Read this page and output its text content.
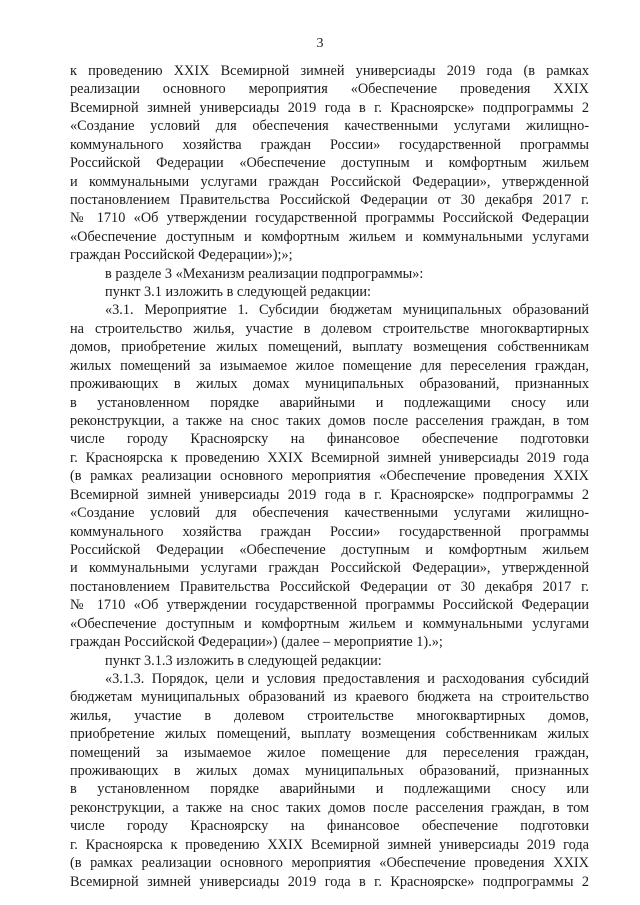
3
к проведению XXIX Всемирной зимней универсиады 2019 года (в рамках
реализации основного мероприятия «Обеспечение проведения XXIX
Всемирной зимней универсиады 2019 года в г. Красноярске» подпрограммы 2
«Создание условий для обеспечения качественными услугами жилищно-
коммунального хозяйства граждан России» государственной программы
Российской Федерации «Обеспечение доступным и комфортным жильем
и коммунальными услугами граждан Российской Федерации», утвержденной
постановлением Правительства Российской Федерации от 30 декабря 2017 г.
№ 1710 «Об утверждении государственной программы Российской Федерации
«Обеспечение доступным и комфортным жильем и коммунальными услугами
граждан Российской Федерации»);»;
в разделе 3 «Механизм реализации подпрограммы»:
пункт 3.1 изложить в следующей редакции:
«3.1. Мероприятие 1. Субсидии бюджетам муниципальных образований
на строительство жилья, участие в долевом строительстве многоквартирных
домов, приобретение жилых помещений, выплату возмещения собственникам
жилых помещений за изымаемое жилое помещение для переселения граждан,
проживающих в жилых домах муниципальных образований, признанных
в установленном порядке аварийными и подлежащими сносу или
реконструкции, а также на снос таких домов после расселения граждан, в том
числе городу Красноярску на финансовое обеспечение подготовки
г. Красноярска к проведению XXIX Всемирной зимней универсиады 2019 года
(в рамках реализации основного мероприятия «Обеспечение проведения XXIX
Всемирной зимней универсиады 2019 года в г. Красноярске» подпрограммы 2
«Создание условий для обеспечения качественными услугами жилищно-
коммунального хозяйства граждан России» государственной программы
Российской Федерации «Обеспечение доступным и комфортным жильем
и коммунальными услугами граждан Российской Федерации», утвержденной
постановлением Правительства Российской Федерации от 30 декабря 2017 г.
№ 1710 «Об утверждении государственной программы Российской Федерации
«Обеспечение доступным и комфортным жильем и коммунальными услугами
граждан Российской Федерации») (далее – мероприятие 1).»;
пункт 3.1.3 изложить в следующей редакции:
«3.1.3. Порядок, цели и условия предоставления и расходования субсидий
бюджетам муниципальных образований из краевого бюджета на строительство
жилья, участие в долевом строительстве многоквартирных домов,
приобретение жилых помещений, выплату возмещения собственникам жилых
помещений за изымаемое жилое помещение для переселения граждан,
проживающих в жилых домах муниципальных образований, признанных
в установленном порядке аварийными и подлежащими сносу или
реконструкции, а также на снос таких домов после расселения граждан, в том
числе городу Красноярску на финансовое обеспечение подготовки
г. Красноярска к проведению XXIX Всемирной зимней универсиады 2019 года
(в рамках реализации основного мероприятия «Обеспечение проведения XXIX
Всемирной зимней универсиады 2019 года в г. Красноярске» подпрограммы 2
